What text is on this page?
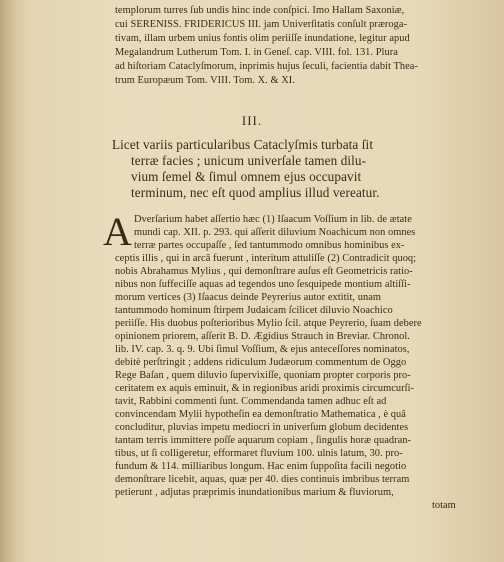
templorum turres ſub undis hinc inde conſpici. Imo Hallam Saxoniæ,
cui SERENISS. FRIDERICUS III. jam Univerſitatis conſult præroga-
tivam, illam urbem unius fontis olim periiſſe inundatione, legitur apud
Megalandrum Lutherum Tom. I. in Geneſ. cap. VIII. fol. 131. Plura
ad hiſtoriam Cataclyſmorum, inprimis hujus ſeculi, facientia dabit Thea-
trum Europæum Tom. VIII. Tom. X. & XI.
III.
Licet variis particularibus Cataclyſmis turbata ſit
terræ facies ; unicum univerſale tamen dilu-
vium ſemel & ſimul omnem ejus occupavit
terminum, nec eſt quod amplius illud vereatur.
A Dverſarium habet aſſertio hæc (1) Iſaacum Voſſium in lib. de ætate
mundi cap. XII. p. 293. qui aſſerit diluvium Noachicum non omnes
terræ partes occupaſſe , ſed tantummodo omnibus hominibus ex-
ceptis illis , qui in arcâ fuerunt , interitum attuliſſe (2) Contradicit quoq;
nobis Abrahamus Mylius , qui demonſtrare auſus eſt Geometricis ratio-
nibus non ſuffeciſſe aquas ad tegendos uno ſesquipede montium altiſſi-
morum vertices (3) Iſaacus deinde Peyrerius autor extitit, unam
tantummodo hominum ſtirpem Judaicam ſcilicet diluvio Noachico
periiſſe. His duobus poſterioribus Mylio ſcil. atque Peyrerio, ſuam debere
opinionem priorem, aſſerit B. D. Ægidius Strauch in Breviar. Chronol.
lib. IV. cap. 3. q. 9. Ubi ſimul Voſſium, & ejus anteceſſores nominatos,
debitè perſtringit ; addens ridiculum Judæorum commentum de Oggo
Rege Baſan , quem diluvio ſupervixiſſe, quoniam propter corporis pro-
ceritatem ex aquis eminuit, & in regionibus aridi proximis circumcurſi-
tavit, Rabbini commenti ſunt. Commendanda tamen adhuc eſt ad
convincendam Mylii hypotheſin ea demonſtratio Mathematica , è quâ
concluditur, pluvias impetu mediocri in univerſum globum decidentes
tantam terris immittere poſſe aquarum copiam , ſingulis horæ quadran-
tibus, ut ſi colligeretur, efformaret fluvium 100. ulnis latum, 30. pro-
fundum & 114. milliaribus longum. Hac enim ſuppoſita facili negotio
demonſtrare licebit, aquas, quæ per 40. dies continuis imbribus terram
petierunt , adjutas præprimis inundationibus marium & fluviorum,
totam
